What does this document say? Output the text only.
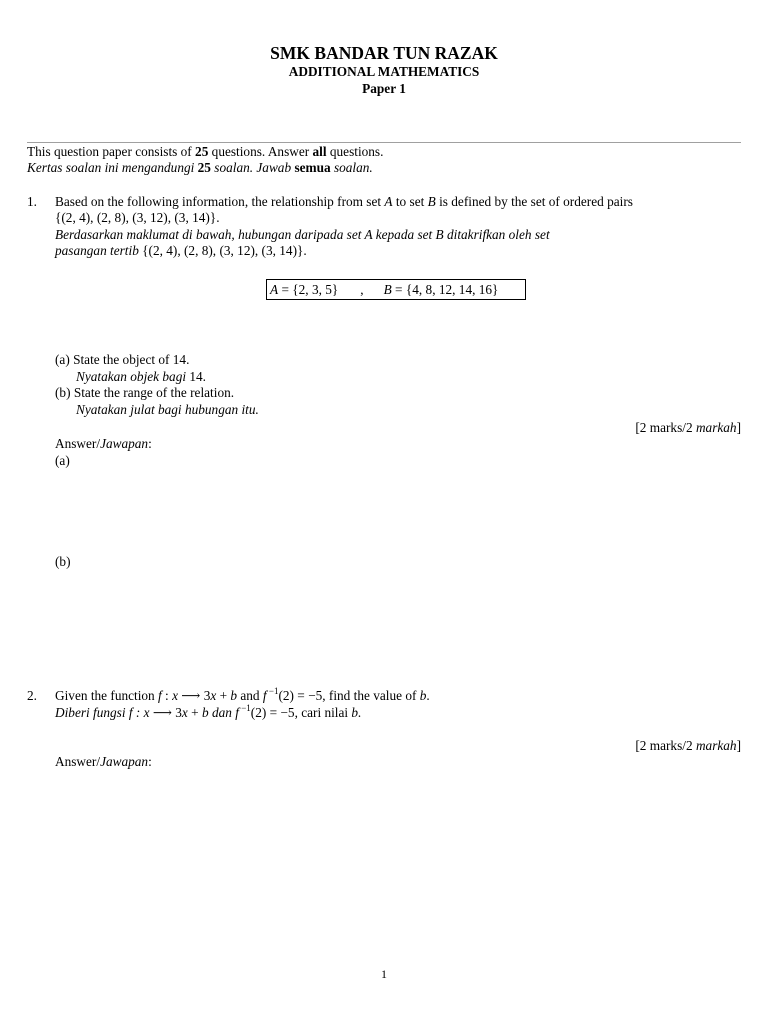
SMK BANDAR TUN RAZAK
ADDITIONAL MATHEMATICS
Paper 1
This question paper consists of 25 questions. Answer all questions.
Kertas soalan ini mengandungi 25 soalan. Jawab semua soalan.
1. Based on the following information, the relationship from set A to set B is defined by the set of ordered pairs
{(2, 4), (2, 8), (3, 12), (3, 14)}.
Berdasarkan maklumat di bawah, hubungan daripada set A kepada set B ditakrifkan oleh set
pasangan tertib {(2, 4), (2, 8), (3, 12), (3, 14)}.
A = {2, 3, 5} , B = {4, 8, 12, 14, 16}
(a) State the object of 14.
Nyatakan objek bagi 14.
(b) State the range of the relation.
Nyatakan julat bagi hubungan itu.
[2 marks/2 markah]
Answer/Jawapan:
(a)
(b)
2. Given the function f : x ⟶ 3x + b and f $^{-1}$(2) = −5, find the value of b.
Diberi fungsi f : x ⟶ 3x + b dan f $^{-1}$(2) = −5, cari nilai b.
[2 marks/2 markah]
Answer/Jawapan:
1
